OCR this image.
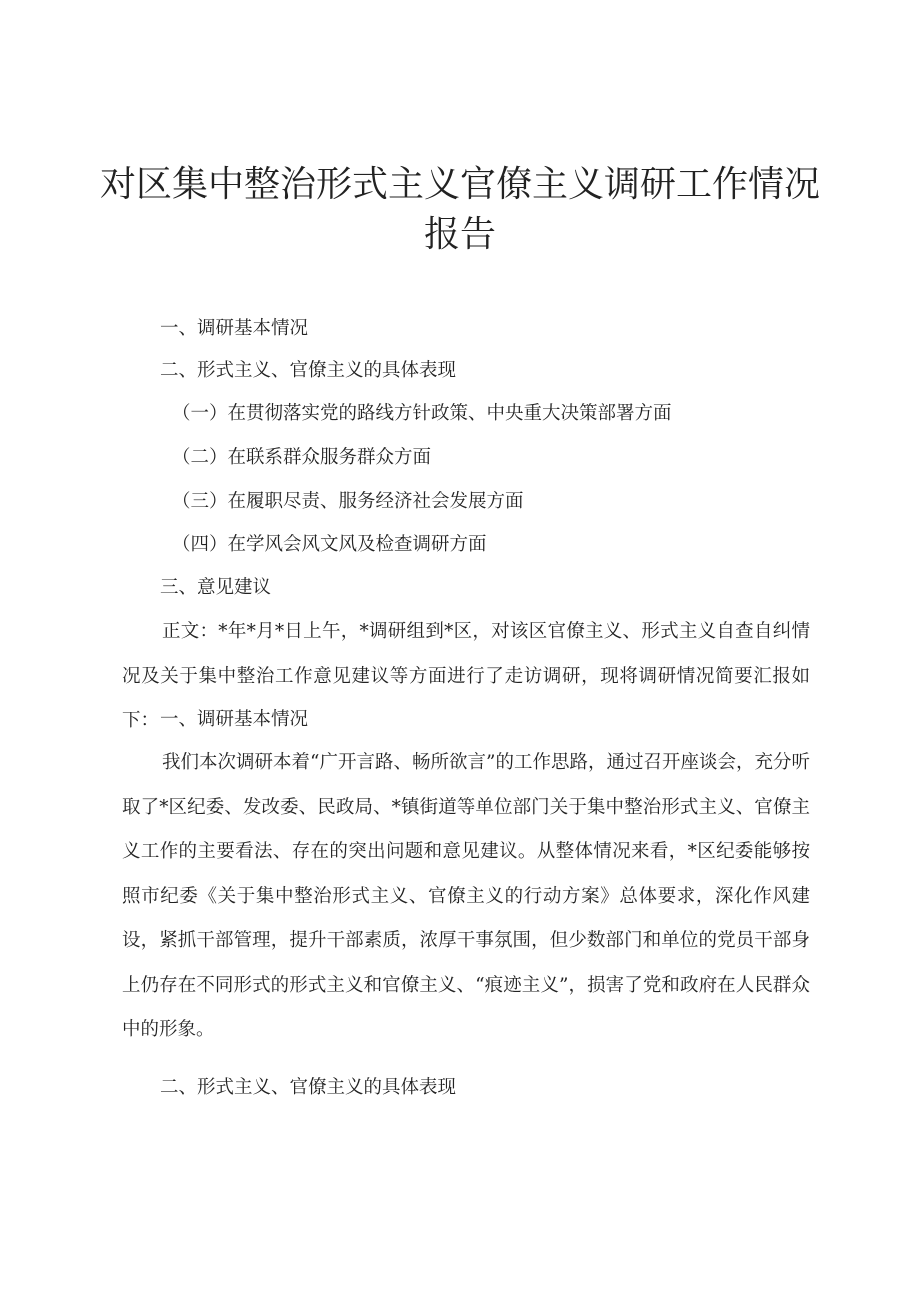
对区集中整治形式主义官僚主义调研工作情况
报告

一、调研基本情况

二、形式主义、官僚主义的具体表现

（一）在贯彻落实党的路线方针政策、中央重大决策部署方面

（二）在联系群众服务群众方面

（三）在履职尽责、服务经济社会发展方面

（四）在学风会风文风及检查调研方面

三、意见建议

正文：*年*月*日上午，*调研组到*区，对该区官僚主义、形式主义自查自纠情况及关于集中整治工作意见建议等方面进行了走访调研，现将调研情况简要汇报如下： 一、调研基本情况

我们本次调研本着“广开言路、畅所欲言”的工作思路，通过召开座谈会，充分听取了*区纪委、发改委、民政局、*镇街道等单位部门关于集中整治形式主义、官僚主义工作的主要看法、存在的突出问题和意见建议。从整体情况来看，*区纪委能够按照市纪委《关于集中整治形式主义、官僚主义的行动方案》总体要求，深化作风建设，紧抓干部管理，提升干部素质，浓厚干事氛围，但少数部门和单位的党员干部身上仍存在不同形式的形式主义和官僚主义、“痕迹主义”，损害了党和政府在人民群众中的形象。

二、形式主义、官僚主义的具体表现
